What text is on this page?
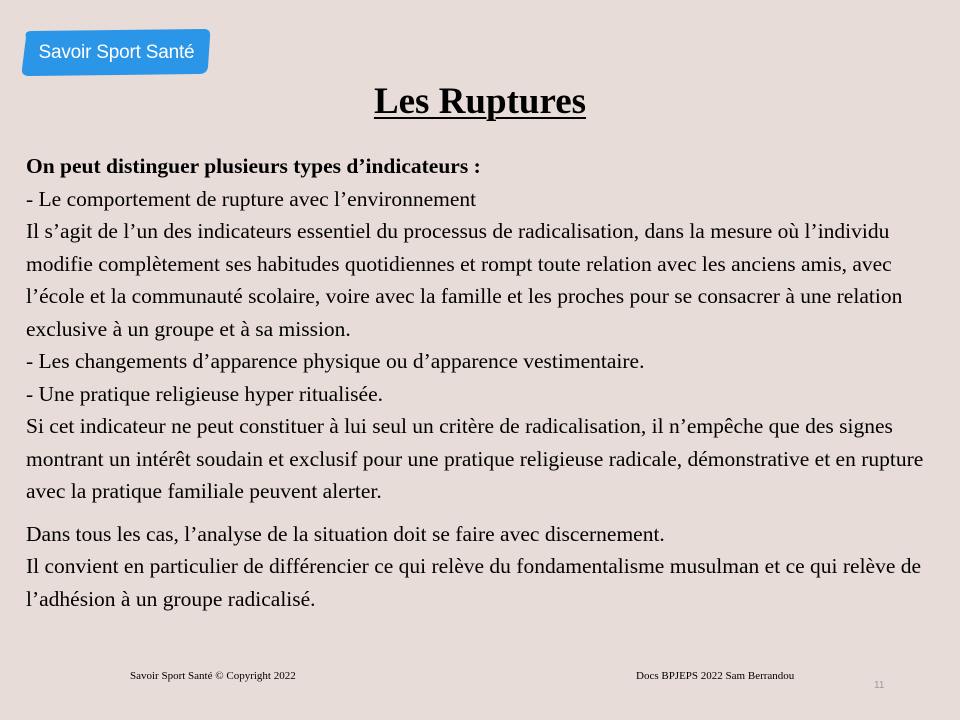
Savoir Sport Santé
Les Ruptures

On peut distinguer plusieurs types d’indicateurs :

- Le comportement de rupture avec l’environnement

Il s’agit de l’un des indicateurs essentiel du processus de radicalisation, dans la mesure où l’individu modifie complètement ses habitudes quotidiennes et rompt toute relation avec les anciens amis, avec l’école et la communauté scolaire, voire avec la famille et les proches pour se consacrer à une relation exclusive à un groupe et à sa mission.

- Les changements d’apparence physique ou d’apparence vestimentaire.

- Une pratique religieuse hyper ritualisée.

Si cet indicateur ne peut constituer à lui seul un critère de radicalisation, il n’empêche que des signes montrant un intérêt soudain et exclusif pour une pratique religieuse radicale, démonstrative et en rupture avec la pratique familiale peuvent alerter.

Dans tous les cas, l’analyse de la situation doit se faire avec discernement.

Il convient en particulier de différencier ce qui relève du fondamentalisme musulman et ce qui relève de l’adhésion à un groupe radicalisé.

Savoir Sport Santé © Copyright 2022	Docs BPJEPS 2022 Sam Berrandou
11
